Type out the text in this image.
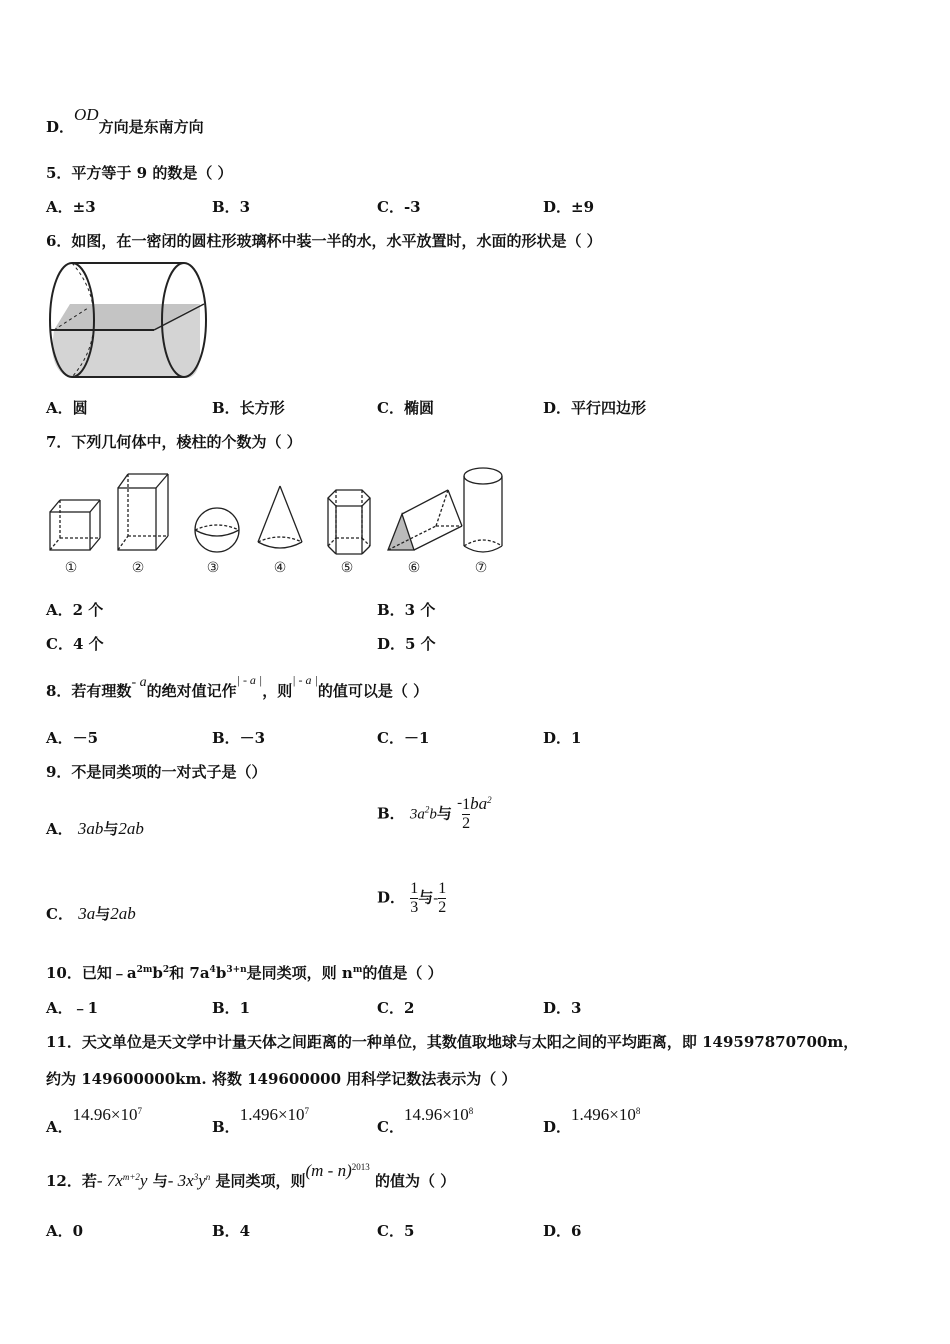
D．OD方向是东南方向
5．平方等于 9 的数是（ ）
A．±3	B．3	C．-3	D．±9
6．如图，在一密闭的圆柱形玻璃杯中装一半的水，水平放置时，水面的形状是（ ）
A．圆	B．长方形	C．椭圆	D．平行四边形
7．下列几何体中，棱柱的个数为（ ）
①	②	③	④	⑤	⑥	⑦
A．2 个	B．3 个
C．4 个	D．5 个
8．若有理数- a的绝对值记作$^{| - a |}$，则$^{| - a |}$的值可以是（ ）
A．－5	B．－3	C．－1	D．1
9．不是同类项的一对式子是（）
A． 3ab与2ab
B． $3a^2b$与 - $\frac{1}{2} ba^2$
C． 3a与2ab
D． $\frac{1}{3}$ 与- $\frac{1}{2}$
10．已知$﹣a^{2m}b^2$和 $7a^4b^{3+n}$是同类项，则 $n^m$的值是（ ）
A．﹣1	B．1	C．2	D．3
11．天文单位是天文学中计量天体之间距离的一种单位，其数值取地球与太阳之间的平均距离，即 149597870700m，
约为 149600000km. 将数 149600000 用科学记数法表示为（ ）
A．$14.96\times 10^7$
B．$1.496\times 10^7$
C．$14.96\times 10^8$
D．$1.496\times 10^8$
12．若- $7x^{m+2}y$ 与- $3x^3y^n$ 是同类项，则(m - n)$^{2013}$ 的值为（ ）
A．0	B．4	C．5	D．6
